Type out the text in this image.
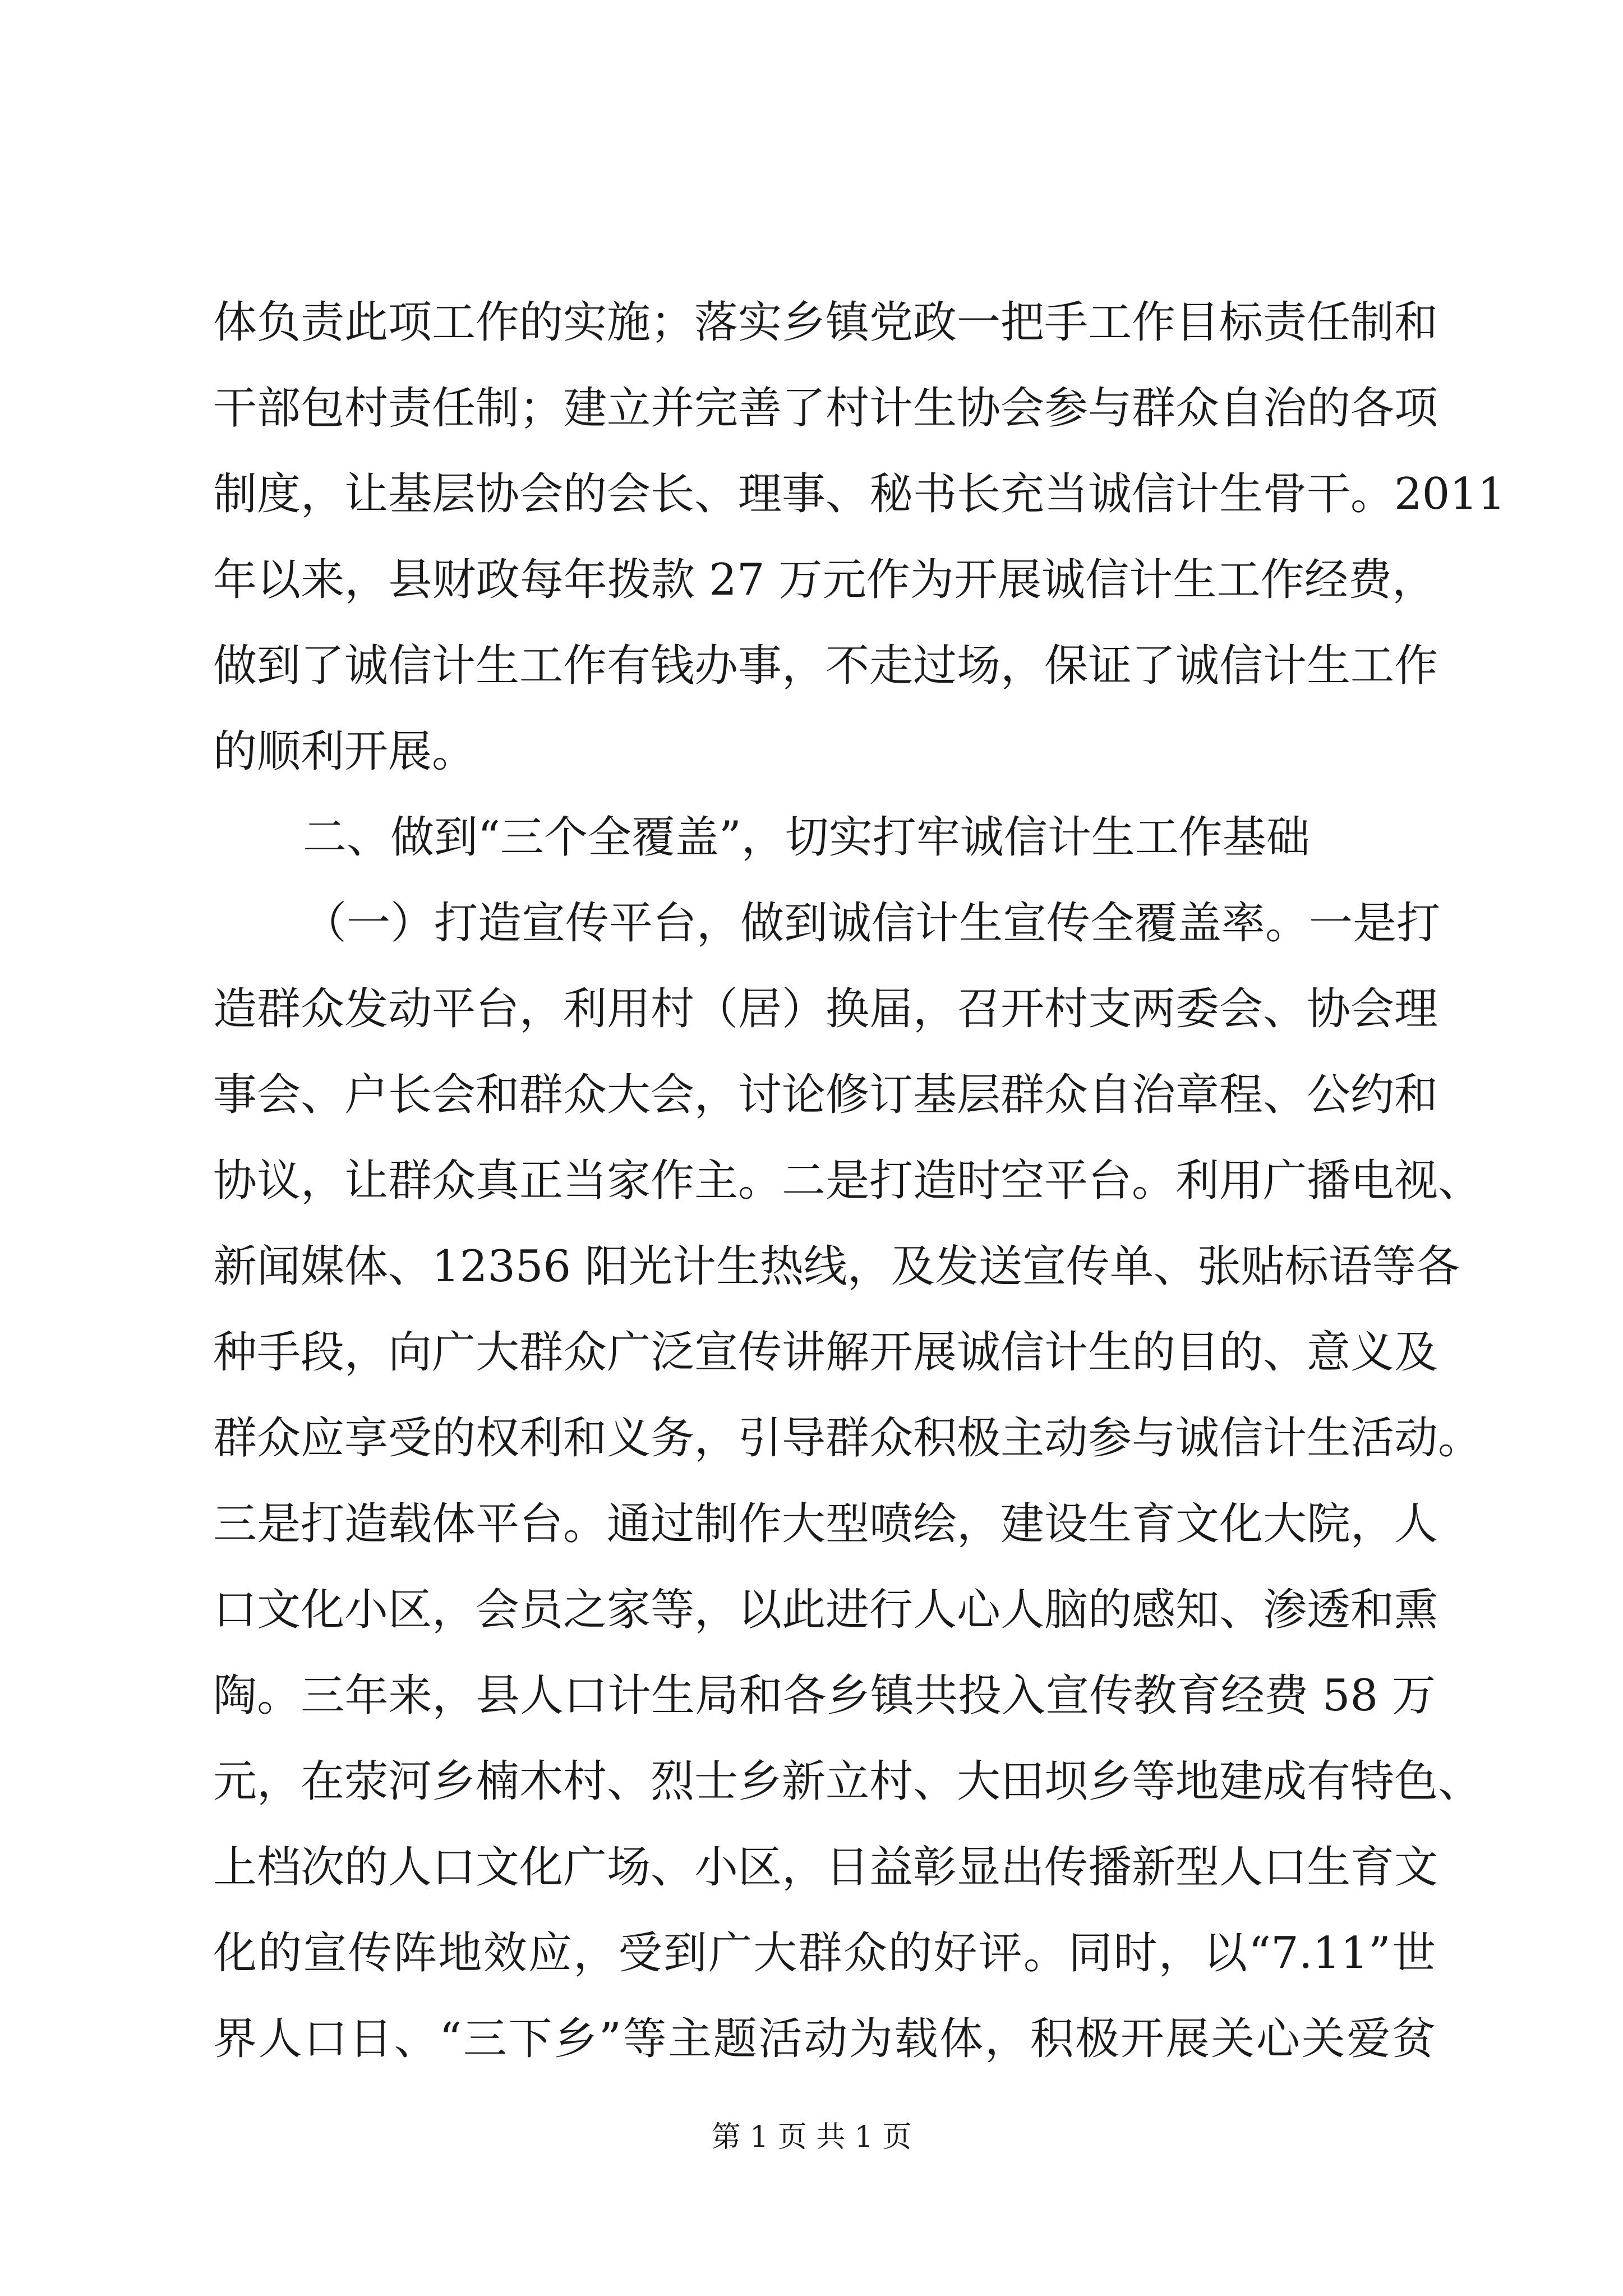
体负责此项工作的实施；落实乡镇党政一把手工作目标责任制和
干部包村责任制；建立并完善了村计生协会参与群众自治的各项
制度，让基层协会的会长、理事、秘书长充当诚信计生骨干。2011
年以来，县财政每年拨款 27 万元作为开展诚信计生工作经费，
做到了诚信计生工作有钱办事，不走过场，保证了诚信计生工作
的顺利开展。
二、做到“三个全覆盖”，切实打牢诚信计生工作基础
（一）打造宣传平台，做到诚信计生宣传全覆盖率。一是打
造群众发动平台，利用村（居）换届，召开村支两委会、协会理
事会、户长会和群众大会，讨论修订基层群众自治章程、公约和
协议，让群众真正当家作主。二是打造时空平台。利用广播电视、
新闻媒体、12356 阳光计生热线，及发送宣传单、张贴标语等各
种手段，向广大群众广泛宣传讲解开展诚信计生的目的、意义及
群众应享受的权利和义务，引导群众积极主动参与诚信计生活动。
三是打造载体平台。通过制作大型喷绘，建设生育文化大院，人
口文化小区，会员之家等，以此进行人心人脑的感知、渗透和熏
陶。三年来，县人口计生局和各乡镇共投入宣传教育经费 58 万
元，在荥河乡楠木村、烈士乡新立村、大田坝乡等地建成有特色、
上档次的人口文化广场、小区，日益彰显出传播新型人口生育文
化的宣传阵地效应，受到广大群众的好评。同时，以“7.11”世
界人口日、“三下乡”等主题活动为载体，积极开展关心关爱贫
第 1 页 共 1 页
